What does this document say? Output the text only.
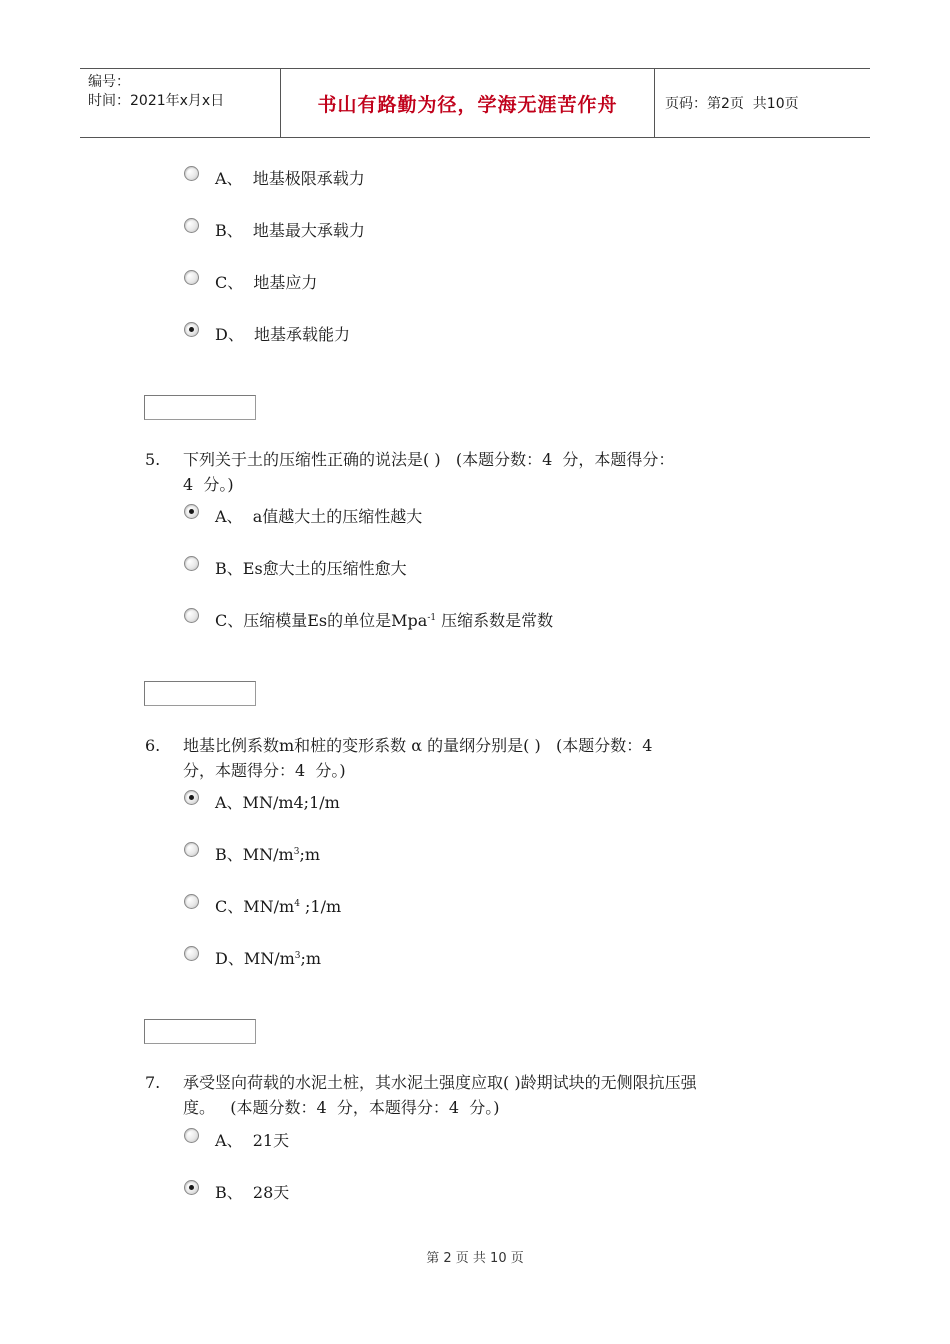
编号：
时间：2021年x月x日	书山有路勤为径，学海无涯苦作舟	页码：第2页  共10页
A、  地基极限承载力
B、  地基最大承载力
C、  地基应力
D、  地基承载能力
5.	下列关于土的压缩性正确的说法是( )   (本题分数：4  分，本题得分：
4  分。)
A、  a值越大土的压缩性越大
B、Es愈大土的压缩性愈大
C、压缩模量Es的单位是Mpa$^{-1}$ 压缩系数是常数
6.	地基比例系数m和桩的变形系数 α 的量纲分别是( )   (本题分数：4
分，本题得分：4  分。)
A、MN/m4;1/m
B、$MN/m^3;m$
C、$MN/m^4$ ;1/m
D、$MN/m^3;m$
7.	承受竖向荷载的水泥土桩，其水泥土强度应取( )龄期试块的无侧限抗压强
度。   (本题分数：4  分，本题得分：4  分。)
A、  21天
B、  28天
第 2 页 共 10 页
